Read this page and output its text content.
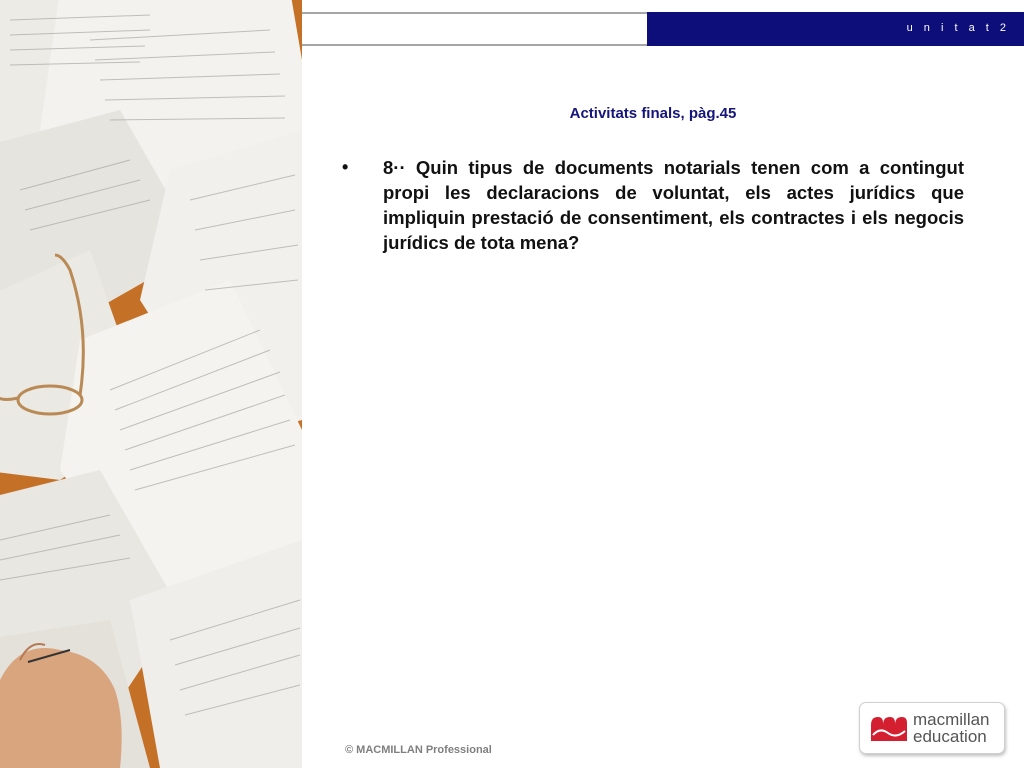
u n i t a t 2
Activitats finals, pàg.45
• 8·· Quin tipus de documents notarials tenen com a contingut propi les declaracions de voluntat, els actes jurídics que impliquin prestació de consentiment, els contractes i els negocis jurídics de tota mena?
© MACMILLAN Professional
macmillan
education
